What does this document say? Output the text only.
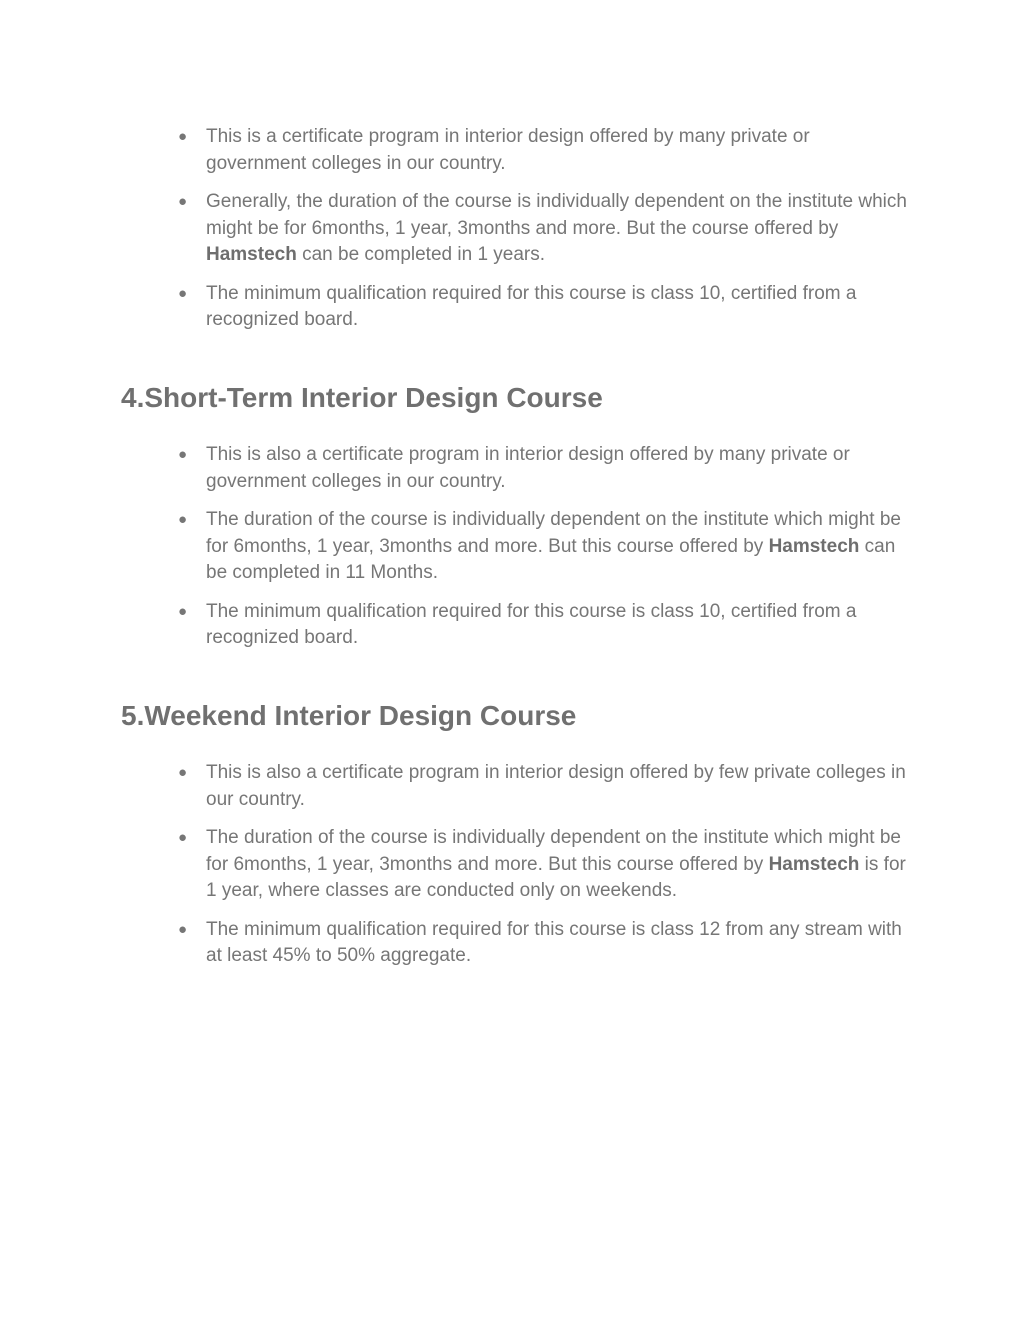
● This is a certificate program in interior design offered by many private or government colleges in our country.
● Generally, the duration of the course is individually dependent on the institute which might be for 6months, 1 year, 3months and more. But the course offered by Hamstech can be completed in 1 years.
● The minimum qualification required for this course is class 10, certified from a recognized board.
4.Short-Term Interior Design Course
● This is also a certificate program in interior design offered by many private or government colleges in our country.
● The duration of the course is individually dependent on the institute which might be for 6months, 1 year, 3months and more. But this course offered by Hamstech can be completed in 11 Months.
● The minimum qualification required for this course is class 10, certified from a recognized board.
5.Weekend Interior Design Course
● This is also a certificate program in interior design offered by few private colleges in our country.
● The duration of the course is individually dependent on the institute which might be for 6months, 1 year, 3months and more. But this course offered by Hamstech is for 1 year, where classes are conducted only on weekends.
● The minimum qualification required for this course is class 12 from any stream with at least 45% to 50% aggregate.
